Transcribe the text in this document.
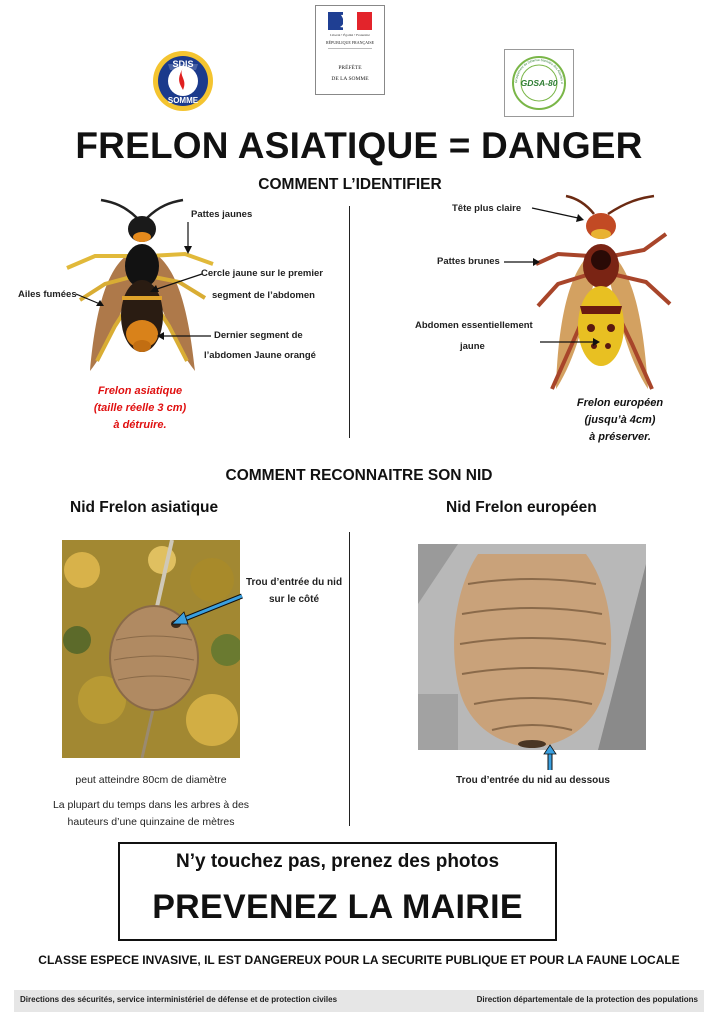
SDIS
SOMME
Liberté • Égalité • Fraternité
RÉPUBLIQUE FRANÇAISE
PRÉFÈTE
DE LA SOMME	GDSA-80
Groupement de Défense Sanitaire des Abeilles d
FRELON ASIATIQUE = DANGER
COMMENT L’IDENTIFIER
Pattes jaunes
Cercle jaune sur le premier
segment de l’abdomen
Ailes fumées
Dernier segment de
l’abdomen Jaune orangé
Frelon asiatique
(taille réelle 3 cm)
à détruire.
Tête plus claire
Pattes brunes
Abdomen essentiellement
jaune
Frelon européen
(jusqu’à 4cm)
à préserver.
COMMENT RECONNAITRE SON NID
Nid Frelon asiatique	Nid Frelon européen
Trou d’entrée du nid
sur le côté
peut atteindre 80cm de diamètre
La plupart du temps dans les arbres à des
hauteurs d’une quinzaine de mètres
Trou d’entrée du nid au dessous
N’y touchez pas, prenez des photos
PREVENEZ LA MAIRIE
CLASSE ESPECE INVASIVE, IL EST DANGEREUX POUR LA SECURITE PUBLIQUE ET POUR LA FAUNE LOCALE
Directions des sécurités, service interministériel de défense et de protection civiles	Direction départementale de la protection des populations
